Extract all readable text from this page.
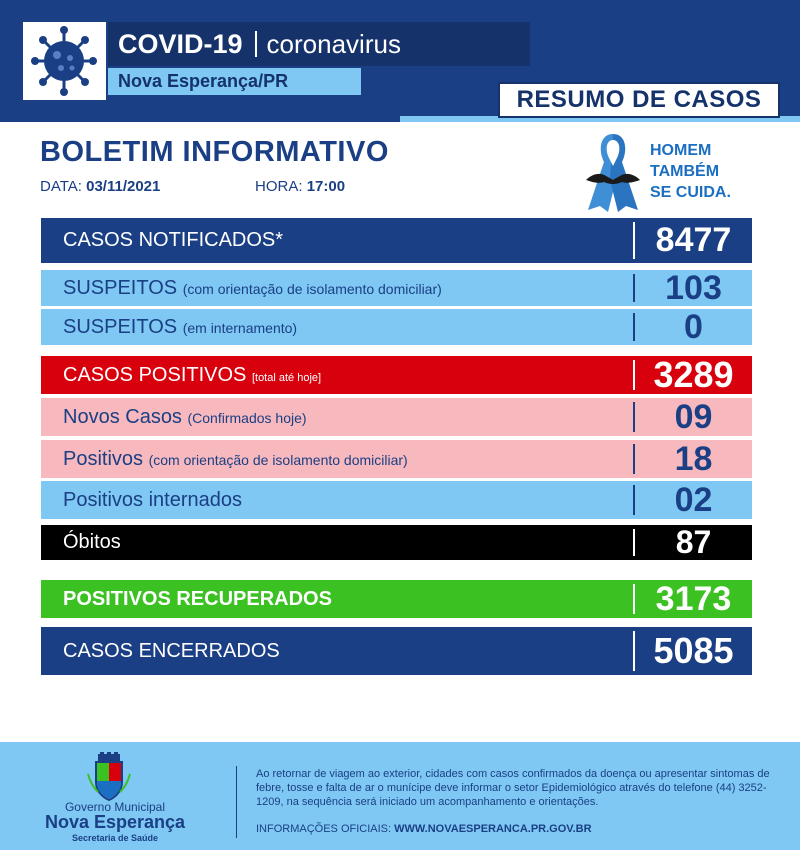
COVID-19 coronavirus
Nova Esperança/PR
RESUMO DE CASOS
BOLETIM INFORMATIVO
DATA: 03/11/2021	HORA: 17:00
HOMEM
TAMBÉM
SE CUIDA.
CASOS NOTIFICADOS*	8477
SUSPEITOS (com orientação de isolamento domiciliar)	103
SUSPEITOS (em internamento)	0
CASOS POSITIVOS [total até hoje]	3289
Novos Casos (Confirmados hoje)	09
Positivos (com orientação de isolamento domiciliar)	18
Positivos internados	02
Óbitos	87
POSITIVOS RECUPERADOS	3173
CASOS ENCERRADOS	5085
Governo Municipal
Nova Esperança
Secretaria de Saúde
Ao retornar de viagem ao exterior, cidades com casos confirmados da doença ou apresentar sintomas de febre, tosse e falta de ar o munícipe deve informar o setor Epidemiológico através do telefone (44) 3252-1209, na sequência será iniciado um acompanhamento e orientações.
INFORMAÇÕES OFICIAIS: WWW.NOVAESPERANCA.PR.GOV.BR
